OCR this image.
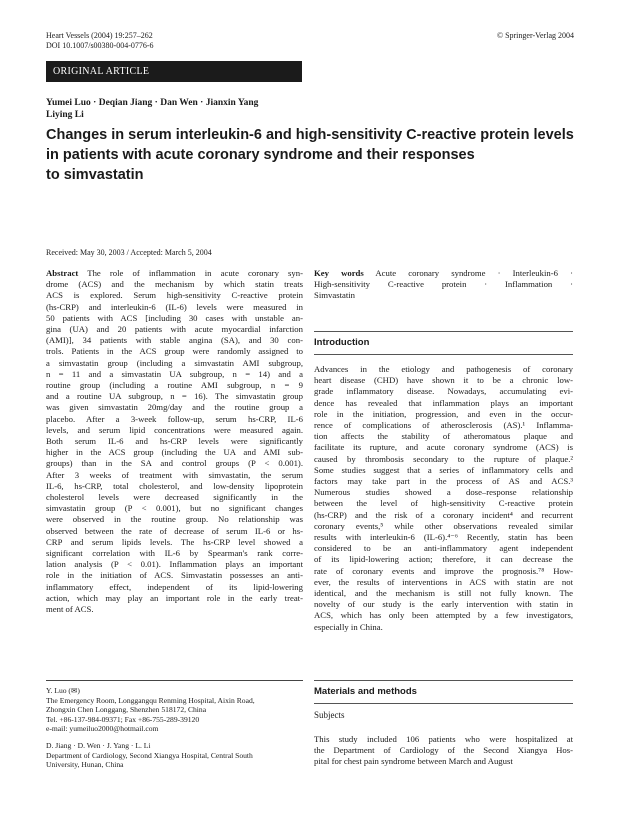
Heart Vessels (2004) 19:257–262
DOI 10.1007/s00380-004-0776-6
© Springer-Verlag 2004
ORIGINAL ARTICLE
Yumei Luo · Deqian Jiang · Dan Wen · Jianxin Yang
Liying Li
Changes in serum interleukin-6 and high-sensitivity C-reactive protein levels
in patients with acute coronary syndrome and their responses
to simvastatin
Received: May 30, 2003 / Accepted: March 5, 2004
Abstract The role of inflammation in acute coronary syn-
drome (ACS) and the mechanism by which statin treats
ACS is explored. Serum high-sensitivity C-reactive protein
(hs-CRP) and interleukin-6 (IL-6) levels were measured in
50 patients with ACS [including 30 cases with unstable an-
gina (UA) and 20 patients with acute myocardial infarction
(AMI)], 34 patients with stable angina (SA), and 30 con-
trols. Patients in the ACS group were randomly assigned to
a simvastatin group (including a simvastatin AMI subgroup,
n = 11 and a simvastatin UA subgroup, n = 14) and a
routine group (including a routine AMI subgroup, n = 9
and a routine UA subgroup, n = 16). The simvastatin group
was given simvastatin 20mg/day and the routine group a
placebo. After a 3-week follow-up, serum hs-CRP, IL-6
levels, and serum lipid concentrations were measured again.
Both serum IL-6 and hs-CRP levels were significantly
higher in the ACS group (including the UA and AMI sub-
groups) than in the SA and control groups (P < 0.001).
After 3 weeks of treatment with simvastatin, the serum
IL-6, hs-CRP, total cholesterol, and low-density lipoprotein
cholesterol levels were decreased significantly in the
simvastatin group (P < 0.001), but no significant changes
were observed in the routine group. No relationship was
observed between the rate of decrease of serum IL-6 or hs-
CRP and serum lipids levels. The hs-CRP level showed a
significant correlation with IL-6 by Spearman's rank corre-
lation analysis (P < 0.01). Inflammation plays an important
role in the initiation of ACS. Simvastatin possesses an anti-
inflammatory effect, independent of its lipid-lowering
action, which may play an important role in the early treat-
ment of ACS.
Y. Luo (✉)
The Emergency Room, Longgangqu Renming Hospital, Aixin Road,
Zhongxin Chen Longgang, Shenzhen 518172, China
Tel. +86-137-984-09371; Fax +86-755-289-39120
e-mail: yumeiluo2000@hotmail.com
D. Jiang · D. Wen · J. Yang · L. Li
Department of Cardiology, Second Xiangya Hospital, Central South
University, Hunan, China
Key words Acute coronary syndrome · Interleukin-6 ·
High-sensitivity C-reactive protein · Inflammation ·
Simvastatin
Introduction
Advances in the etiology and pathogenesis of coronary
heart disease (CHD) have shown it to be a chronic low-
grade inflammatory disease. Nowadays, accumulating evi-
dence has revealed that inflammation plays an important
role in the initiation, progression, and even in the occur-
rence of complications of atherosclerosis (AS).¹ Inflamma-
tion affects the stability of atheromatous plaque and
facilitate its rupture, and acute coronary syndrome (ACS) is
caused by thrombosis secondary to the rupture of plaque.²
Some studies suggest that a series of inflammatory cells and
factors may take part in the process of AS and ACS.³
Numerous studies showed a dose–response relationship
between the level of high-sensitivity C-reactive protein
(hs-CRP) and the risk of a coronary incident⁴ and recurrent
coronary events,⁵ while other observations revealed similar
results with interleukin-6 (IL-6).⁴⁻⁶ Recently, statin has been
considered to be an anti-inflammatory agent independent
of its lipid-lowering action; therefore, it can decrease the
rate of coronary events and improve the prognosis.⁷⁸ How-
ever, the results of interventions in ACS with statin are not
identical, and the mechanism is still not fully known. The
novelty of our study is the early intervention with statin in
ACS, which has only been attempted by a few investigators,
especially in China.
Materials and methods
Subjects
This study included 106 patients who were hospitalized at
the Department of Cardiology of the Second Xiangya Hos-
pital for chest pain syndrome between March and August
